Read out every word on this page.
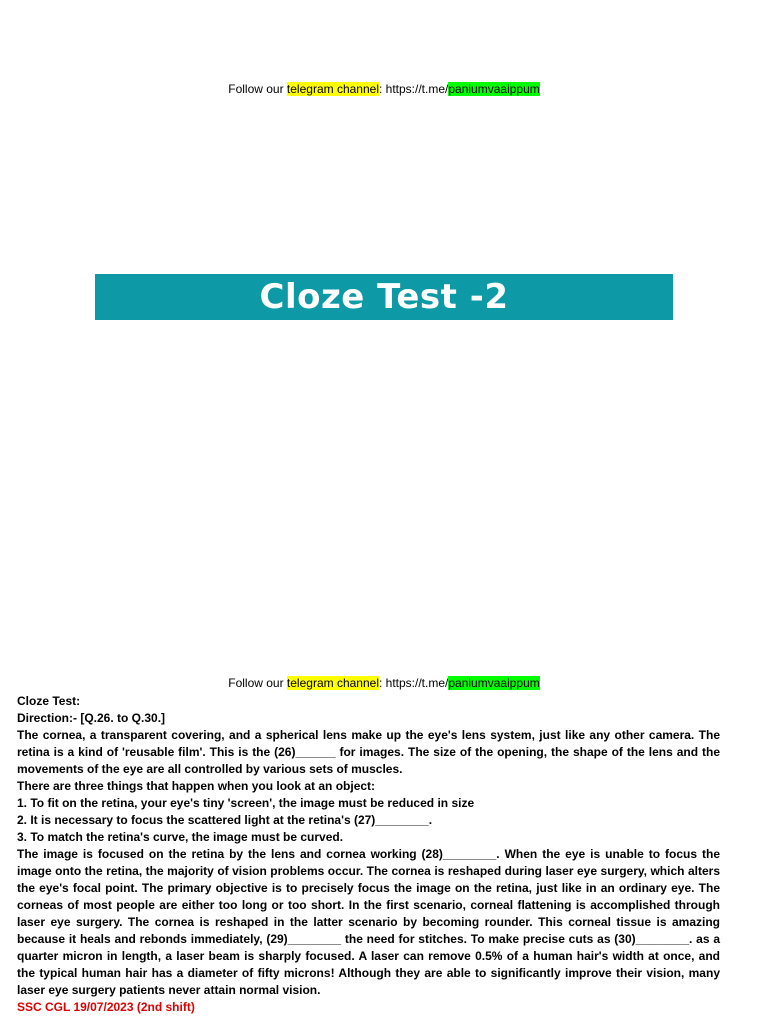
Follow our telegram channel: https://t.me/paniumvaaippum
Cloze Test -2
Follow our telegram channel: https://t.me/paniumvaaippum

Cloze Test:

Direction:- [Q.26. to Q.30.]

The cornea, a transparent covering, and a spherical lens make up the eye's lens system, just like any other camera. The retina is a kind of 'reusable film'. This is the (26)______ for images. The size of the opening, the shape of the lens and the movements of the eye are all controlled by various sets of muscles.

There are three things that happen when you look at an object:

1. To fit on the retina, your eye's tiny 'screen', the image must be reduced in size

2. It is necessary to focus the scattered light at the retina's (27)________.

3. To match the retina's curve, the image must be curved.

The image is focused on the retina by the lens and cornea working (28)________. When the eye is unable to focus the image onto the retina, the majority of vision problems occur. The cornea is reshaped during laser eye surgery, which alters the eye's focal point. The primary objective is to precisely focus the image on the retina, just like in an ordinary eye. The corneas of most people are either too long or too short. In the first scenario, corneal flattening is accomplished through laser eye surgery. The cornea is reshaped in the latter scenario by becoming rounder. This corneal tissue is amazing because it heals and rebonds immediately, (29)________ the need for stitches. To make precise cuts as (30)________. as a quarter micron in length, a laser beam is sharply focused. A laser can remove 0.5% of a human hair's width at once, and the typical human hair has a diameter of fifty microns! Although they are able to significantly improve their vision, many laser eye surgery patients never attain normal vision.

SSC CGL 19/07/2023 (2nd shift)
